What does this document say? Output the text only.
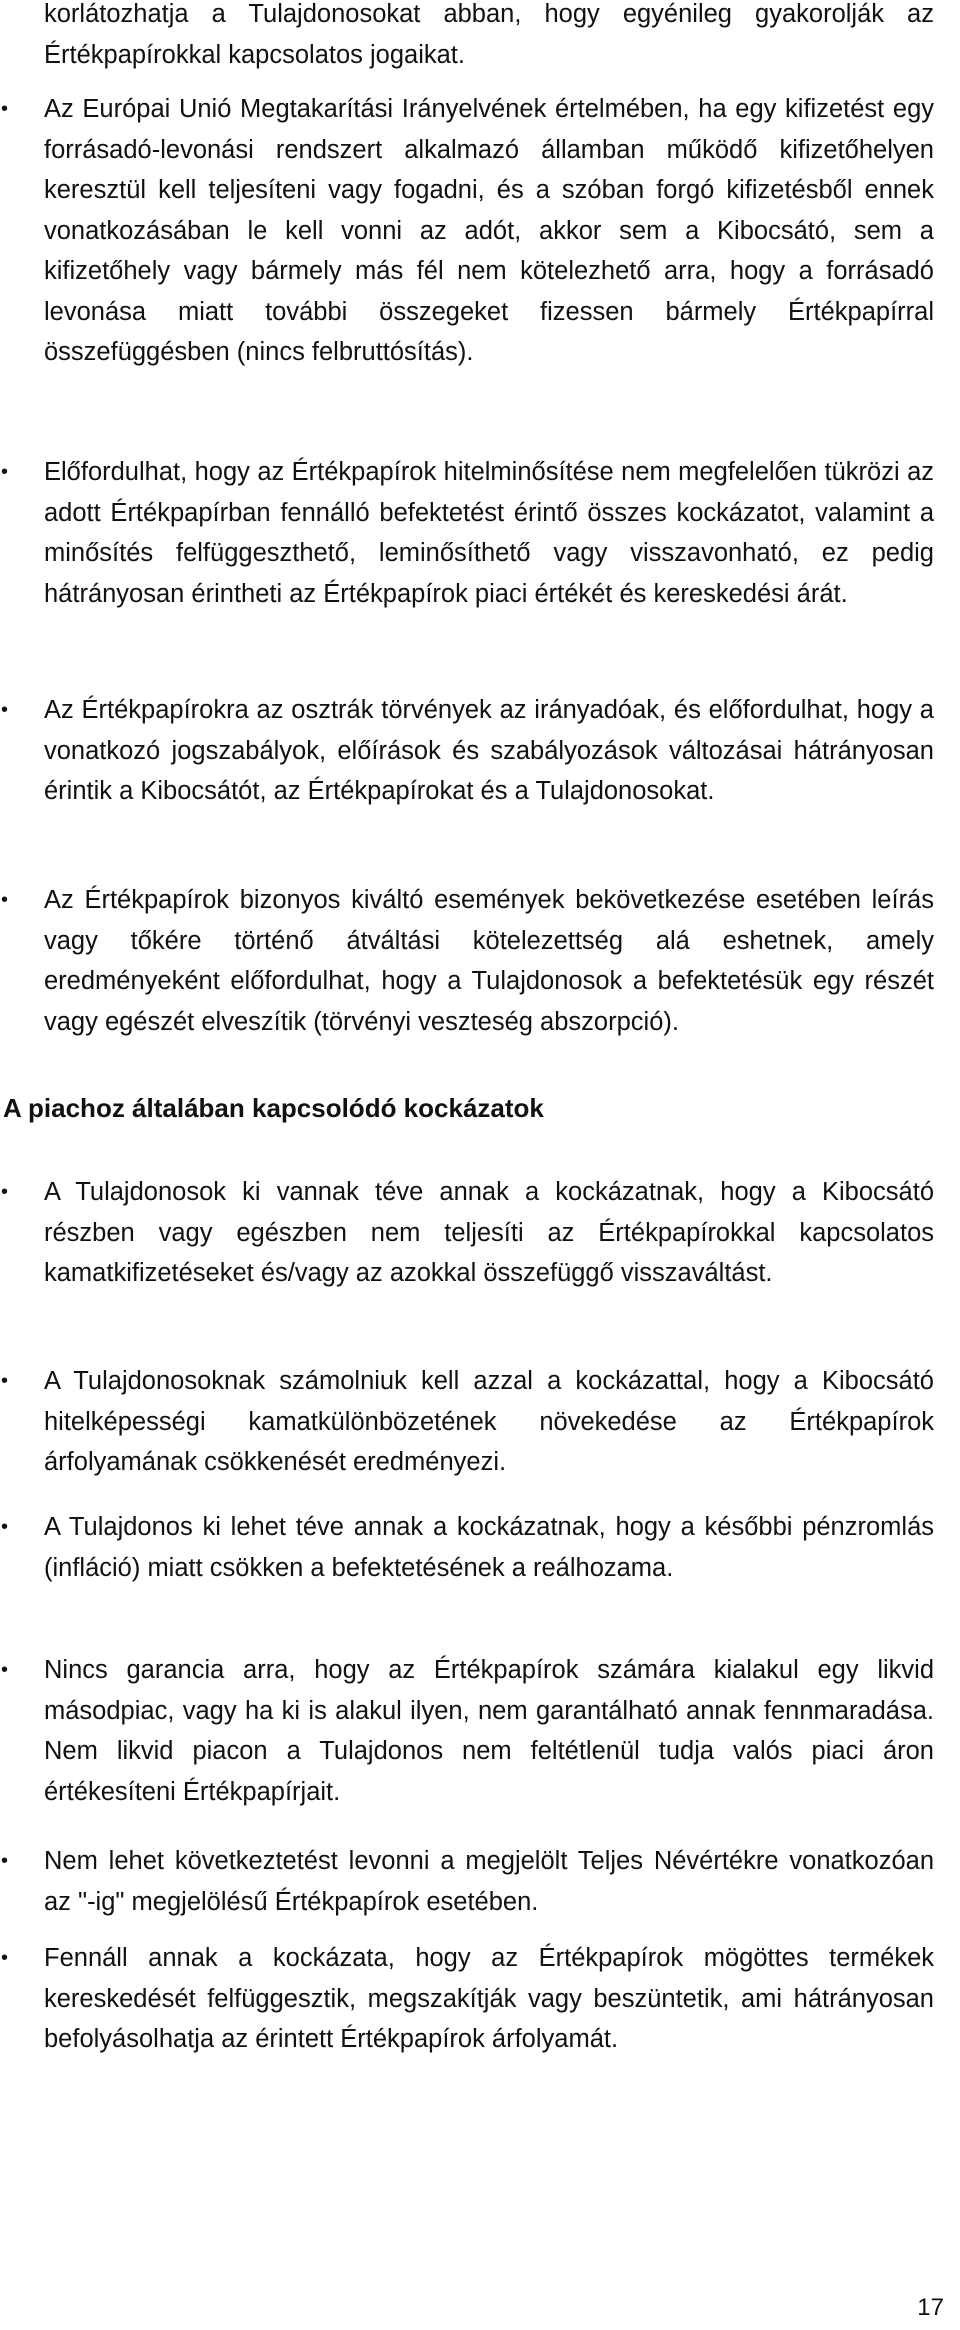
korlátozhatja a Tulajdonosokat abban, hogy egyénileg gyakorolják az Értékpapírokkal kapcsolatos jogaikat.

•	Az Európai Unió Megtakarítási Irányelvének értelmében, ha egy kifizetést egy forrásadó-levonási rendszert alkalmazó államban működő kifizetőhelyen keresztül kell teljesíteni vagy fogadni, és a szóban forgó kifizetésből ennek vonatkozásában le kell vonni az adót, akkor sem a Kibocsátó, sem a kifizetőhely vagy bármely más fél nem kötelezhető arra, hogy a forrásadó levonása miatt további összegeket fizessen bármely Értékpapírral összefüggésben (nincs felbruttósítás).
•	Előfordulhat, hogy az Értékpapírok hitelminősítése nem megfelelően tükrözi az adott Értékpapírban fennálló befektetést érintő összes kockázatot, valamint a minősítés felfüggeszthető, leminősíthető vagy visszavonható, ez pedig hátrányosan érintheti az Értékpapírok piaci értékét és kereskedési árát.
•	Az Értékpapírokra az osztrák törvények az irányadóak, és előfordulhat, hogy a vonatkozó jogszabályok, előírások és szabályozások változásai hátrányosan érintik a Kibocsátót, az Értékpapírokat és a Tulajdonosokat.
•	Az Értékpapírok bizonyos kiváltó események bekövetkezése esetében leírás vagy tőkére történő átváltási kötelezettség alá eshetnek, amely eredményeként előfordulhat, hogy a Tulajdonosok a befektetésük egy részét vagy egészét elveszítik (törvényi veszteség abszorpció).
A piachoz általában kapcsolódó kockázatok
•	A Tulajdonosok ki vannak téve annak a kockázatnak, hogy a Kibocsátó részben vagy egészben nem teljesíti az Értékpapírokkal kapcsolatos kamatkifizetéseket és/vagy az azokkal összefüggő visszaváltást.
•	A Tulajdonosoknak számolniuk kell azzal a kockázattal, hogy a Kibocsátó hitelképességi kamatkülönbözetének növekedése az Értékpapírok árfolyamának csökkenését eredményezi.
•	A Tulajdonos ki lehet téve annak a kockázatnak, hogy a későbbi pénzromlás (infláció) miatt csökken a befektetésének a reálhozama.
•	Nincs garancia arra, hogy az Értékpapírok számára kialakul egy likvid másodpiac, vagy ha ki is alakul ilyen, nem garantálható annak fennmaradása. Nem likvid piacon a Tulajdonos nem feltétlenül tudja valós piaci áron értékesíteni Értékpapírjait.
•	Nem lehet következtetést levonni a megjelölt Teljes Névértékre vonatkozóan az "-ig" megjelölésű Értékpapírok esetében.
•	Fennáll annak a kockázata, hogy az Értékpapírok mögöttes termékek kereskedését felfüggesztik, megszakítják vagy beszüntetik, ami hátrányosan befolyásolhatja az érintett Értékpapírok árfolyamát.
17
